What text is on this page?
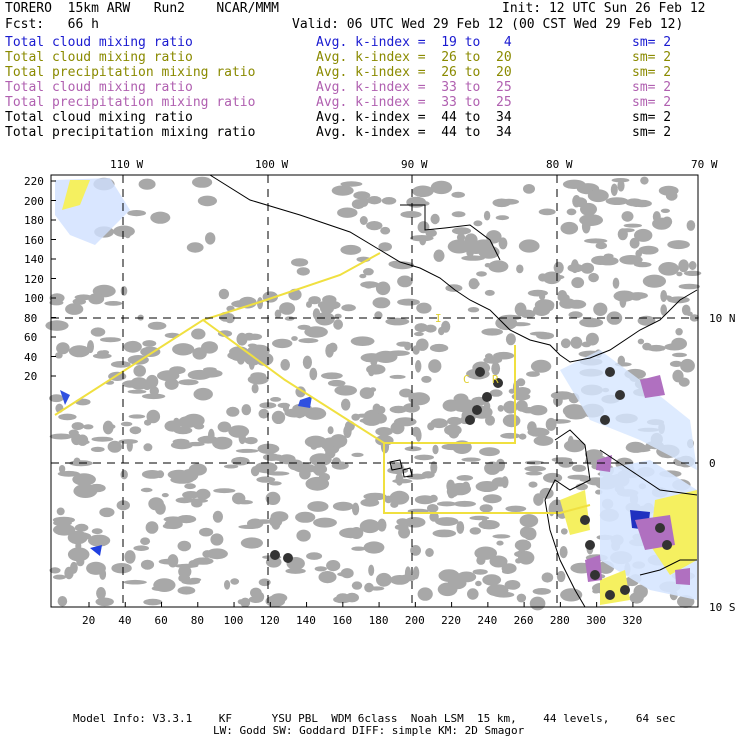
TORERO  15km ARW   Run2    NCAR/MMM	Init: 12 UTC Sun 26 Feb 12
Fcst:   66 h	Valid: 06 UTC Wed 29 Feb 12 (00 CST Wed 29 Feb 12)
Total cloud mixing ratio	Avg. k-index =  19 to   4	sm= 2
Total cloud mixing ratio	Avg. k-index =  26 to  20	sm= 2
Total precipitation mixing ratio	Avg. k-index =  26 to  20	sm= 2
Total cloud mixing ratio	Avg. k-index =  33 to  25	sm= 2
Total precipitation mixing ratio	Avg. k-index =  33 to  25	sm= 2
Total cloud mixing ratio	Avg. k-index =  44 to  34	sm= 2
Total precipitation mixing ratio	Avg. k-index =  44 to  34	sm= 2
110 W	100 W	90 W	80 W	70 W
10 N
0
10 S
220
200
180
160
140
120
100
80
60
40
20
20 40 60 80 100 120 140 160 180 200 220 240 260 280 300 320
I
C R
Model Info: V3.3.1    KF      YSU PBL  WDM 6class  Noah LSM  15 km,    44 levels,    64 sec
LW: Godd SW: Goddard DIFF: simple KM: 2D Smagor
